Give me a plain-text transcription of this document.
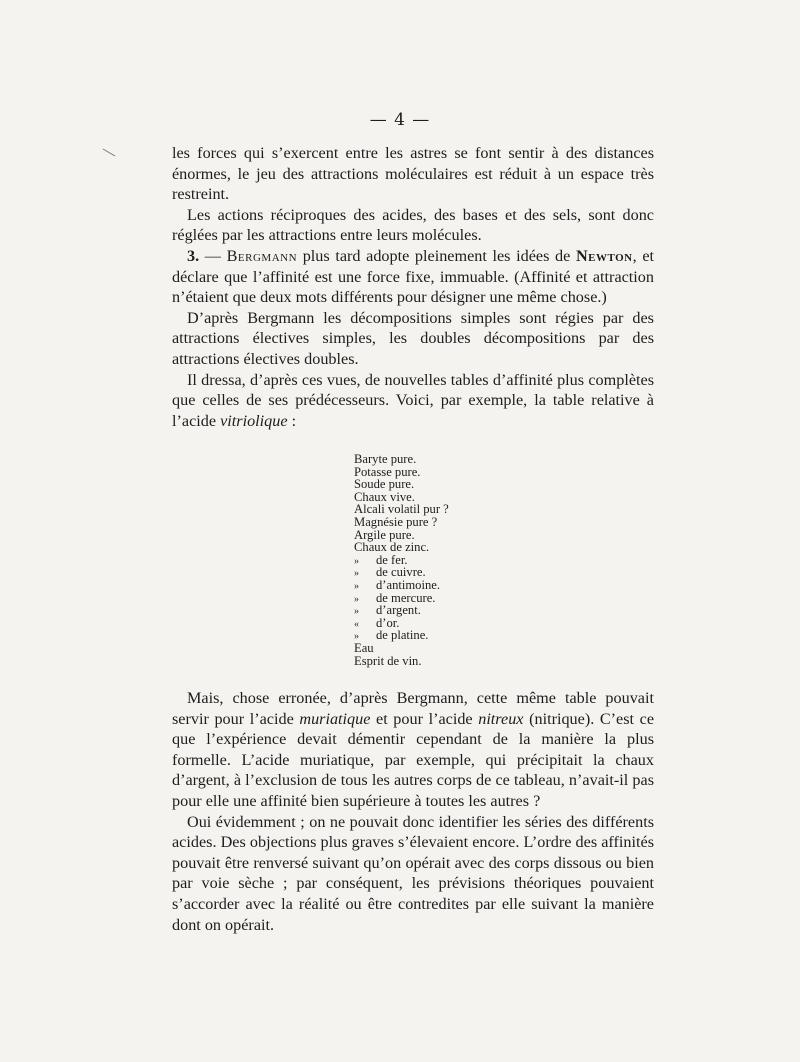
— 4 —

les forces qui s’exercent entre les astres se font sentir à des distances énormes, le jeu des attractions moléculaires est réduit à un espace très restreint.

Les actions réciproques des acides, des bases et des sels, sont donc réglées par les attractions entre leurs molécules.

3. — Bergmann plus tard adopte pleinement les idées de Newton, et déclare que l’affinité est une force fixe, immuable. (Affinité et attraction n’étaient que deux mots différents pour désigner une même chose.)

D’après Bergmann les décompositions simples sont régies par des attractions électives simples, les doubles décompositions par des attractions électives doubles.

Il dressa, d’après ces vues, de nouvelles tables d’affinité plus complètes que celles de ses prédécesseurs. Voici, par exemple, la table relative à l’acide vitriolique :

Baryte pure.
Potasse pure.
Soude pure.
Chaux vive.
Alcali volatil pur ?
Magnésie pure ?
Argile pure.
Chaux de zinc.
» de fer.
» de cuivre.
» d’antimoine.
» de mercure.
» d’argent.
« d’or.
» de platine.
Eau
Esprit de vin.

Mais, chose erronée, d’après Bergmann, cette même table pouvait servir pour l’acide muriatique et pour l’acide nitreux (nitrique). C’est ce que l’expérience devait démentir cependant de la manière la plus formelle. L’acide muriatique, par exemple, qui précipitait la chaux d’argent, à l’exclusion de tous les autres corps de ce tableau, n’avait-il pas pour elle une affinité bien supérieure à toutes les autres ?

Oui évidemment ; on ne pouvait donc identifier les séries des différents acides. Des objections plus graves s’élevaient encore. L’ordre des affinités pouvait être renversé suivant qu’on opérait avec des corps dissous ou bien par voie sèche ; par conséquent, les prévisions théoriques pouvaient s’accorder avec la réalité ou être contredites par elle suivant la manière dont on opérait.
